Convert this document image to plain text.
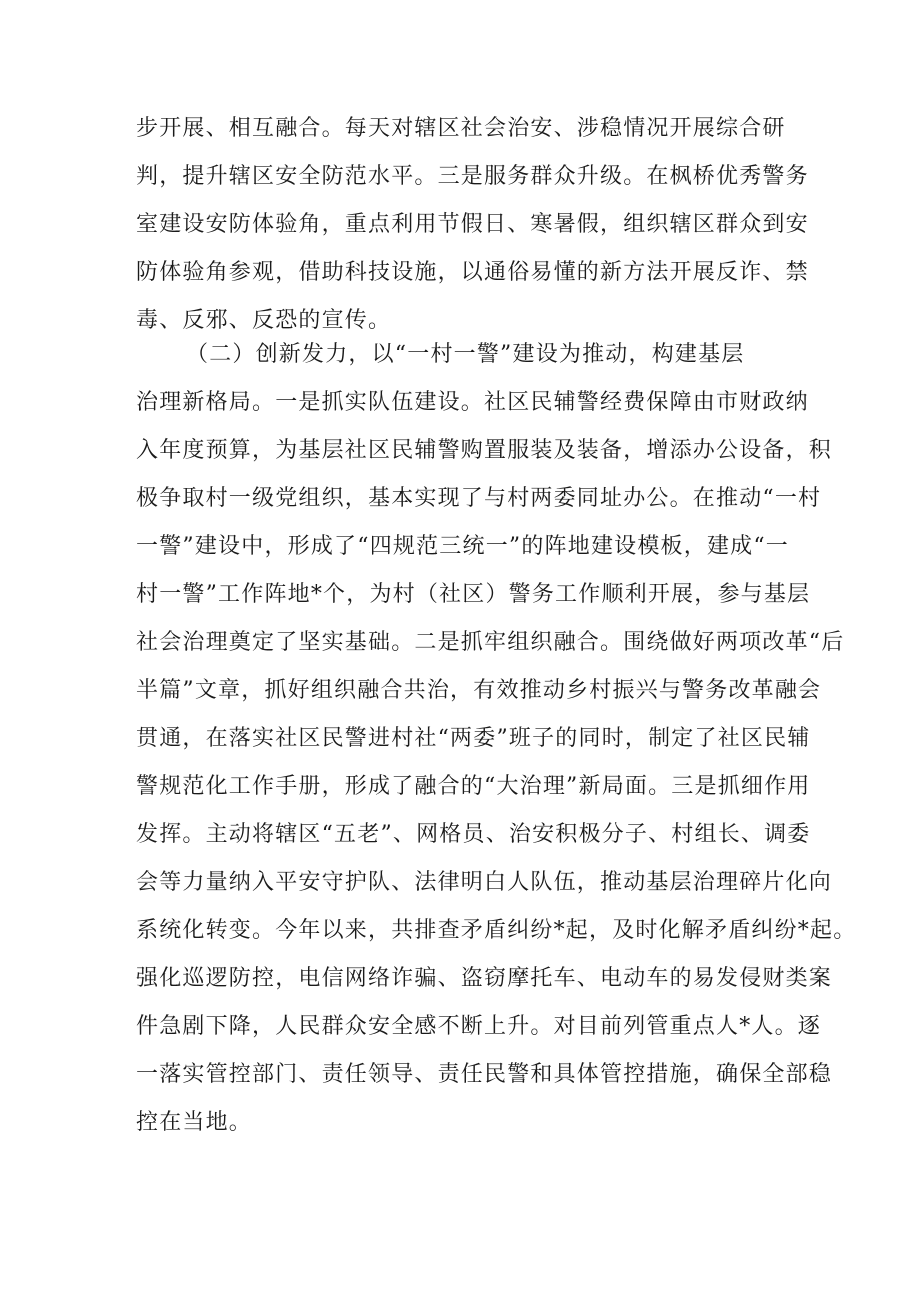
步开展、相互融合。每天对辖区社会治安、涉稳情况开展综合研
判，提升辖区安全防范水平。三是服务群众升级。在枫桥优秀警务
室建设安防体验角，重点利用节假日、寒暑假，组织辖区群众到安
防体验角参观，借助科技设施，以通俗易懂的新方法开展反诈、禁
毒、反邪、反恐的宣传。
（二）创新发力，以“一村一警”建设为推动，构建基层
治理新格局。一是抓实队伍建设。社区民辅警经费保障由市财政纳
入年度预算，为基层社区民辅警购置服装及装备，增添办公设备，积
极争取村一级党组织，基本实现了与村两委同址办公。在推动“一村
一警”建设中，形成了“四规范三统一”的阵地建设模板，建成“一
村一警”工作阵地*个，为村（社区）警务工作顺利开展，参与基层
社会治理奠定了坚实基础。二是抓牢组织融合。围绕做好两项改革“后
半篇”文章，抓好组织融合共治，有效推动乡村振兴与警务改革融会
贯通，在落实社区民警进村社“两委”班子的同时，制定了社区民辅
警规范化工作手册，形成了融合的“大治理”新局面。三是抓细作用
发挥。主动将辖区“五老”、网格员、治安积极分子、村组长、调委
会等力量纳入平安守护队、法律明白人队伍，推动基层治理碎片化向
系统化转变。今年以来，共排查矛盾纠纷*起，及时化解矛盾纠纷*起。
强化巡逻防控，电信网络诈骗、盗窃摩托车、电动车的易发侵财类案
件急剧下降，人民群众安全感不断上升。对目前列管重点人*人。逐
一落实管控部门、责任领导、责任民警和具体管控措施，确保全部稳
控在当地。
